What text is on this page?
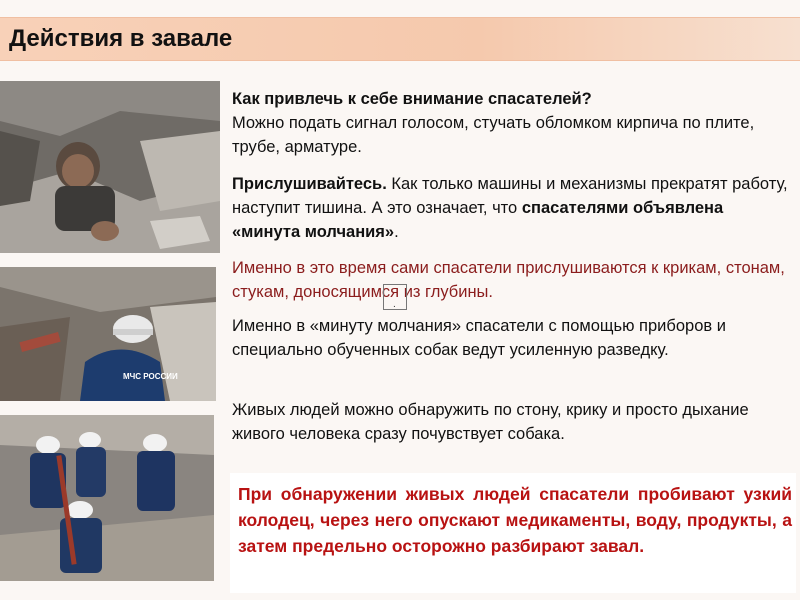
Действия в завале
МЧС РОССИИ

Как привлечь к себе внимание спасателей?
Можно подать сигнал голосом, стучать обломком кирпича по плите, трубе, арматуре.

Прислушивайтесь. Как только машины и механизмы прекратят работу, наступит тишина. А это означает, что спасателями объявлена «минута молчания».

Именно в это время сами спасатели прислушиваются к крикам, стонам, стукам, доносящимся из глубины.

.

Именно в «минуту молчания» спасатели с помощью приборов и специально обученных собак ведут усиленную разведку.

Живых людей можно обнаружить по стону, крику и просто дыхание живого человека сразу почувствует собака.

При обнаружении живых людей спасатели пробивают узкий колодец, через него опускают медикаменты, воду, продукты, а затем предельно осторожно разбирают завал.
